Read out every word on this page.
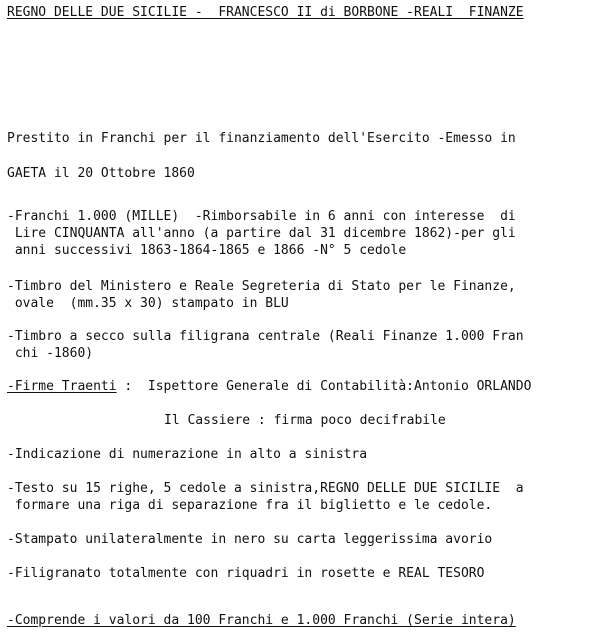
REGNO DELLE DUE SICILIE -  FRANCESCO II di BORBONE -REALI  FINANZE
Prestito in Franchi per il finanziamento dell'Esercito -Emesso in
GAETA il 20 Ottobre 1860
-Franchi 1.000 (MILLE)  -Rimborsabile in 6 anni con interesse  di
Lire CINQUANTA all'anno (a partire dal 31 dicembre 1862)-per gli
anni successivi 1863-1864-1865 e 1866 -N° 5 cedole
-Timbro del Ministero e Reale Segreteria di Stato per le Finanze,
ovale  (mm.35 x 30) stampato in BLU
-Timbro a secco sulla filigrana centrale (Reali Finanze 1.000 Fran
chi -1860)
-Firme Traenti :  Ispettore Generale di Contabilità:Antonio ORLANDO
Il Cassiere : firma poco decifrabile
-Indicazione di numerazione in alto a sinistra
-Testo su 15 righe, 5 cedole a sinistra,REGNO DELLE DUE SICILIE  a
formare una riga di separazione fra il biglietto e le cedole.
-Stampato unilateralmente in nero su carta leggerissima avorio
-Filigranato totalmente con riquadri in rosette e REAL TESORO
-Comprende i valori da 100 Franchi e 1.000 Franchi (Serie intera)
